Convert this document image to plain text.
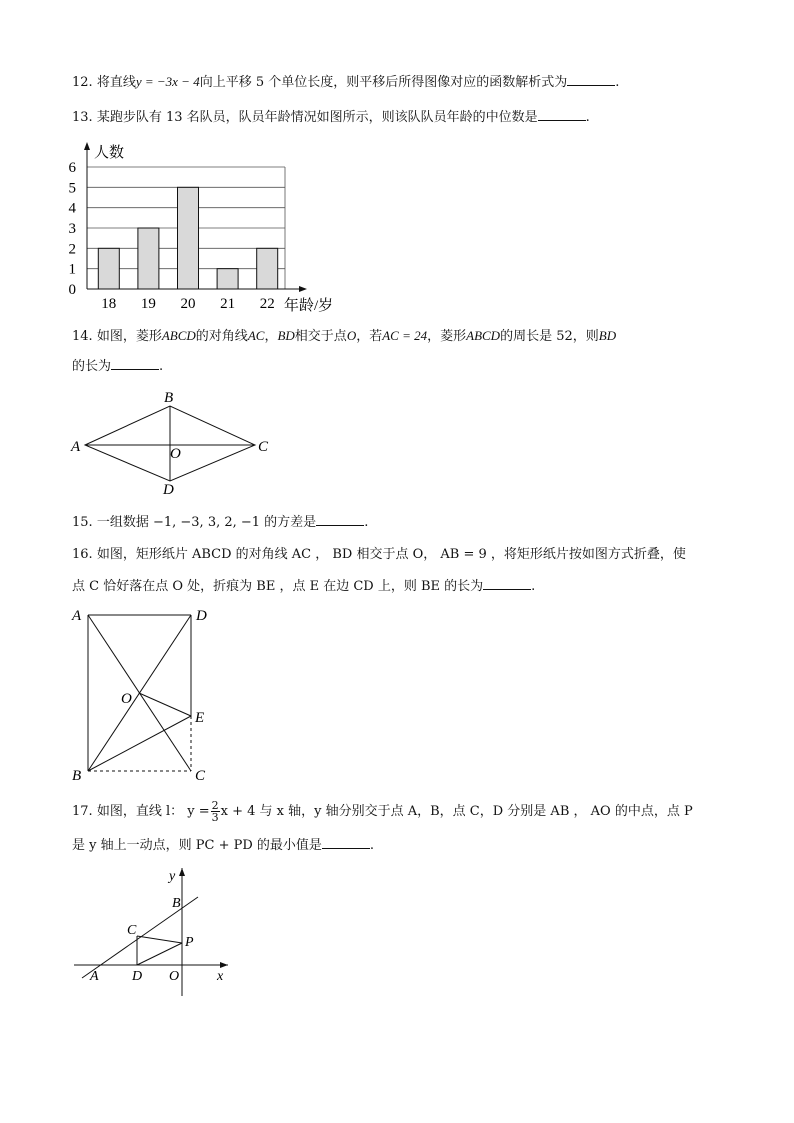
12. 将直线y = −3x − 4向上平移 5 个单位长度，则平移后所得图像对应的函数解析式为	.
13. 某跑步队有 13 名队员，队员年龄情况如图所示，则该队队员年龄的中位数是	.
0
1
2
3
4
5
6
18 19 20 21 22
人数
年龄/岁
14. 如图，菱形ABCD的对角线AC，BD相交于点O，若AC = 24，菱形ABCD的周长是 52，则BD
的长为	.
A
B
C
D
O
15. 一组数据 −1, −3, 3, 2, −1 的方差是	.
16. 如图，矩形纸片 ABCD 的对角线 AC ， BD 相交于点 O， AB = 9 ，将矩形纸片按如图方式折叠，使
点 C 恰好落在点 O 处，折痕为 BE ，点 E 在边 CD 上，则 BE 的长为	.
A	D
B	C
O
E
17. 如图，直线 l： $y = \frac{2}{3}$ x + 4 与 x 轴，y 轴分别交于点 A，B，点 C，D 分别是 AB ， AO 的中点，点 P
是 y 轴上一动点，则 PC + PD 的最小值是	.
y
x
B
C
P
A D O
